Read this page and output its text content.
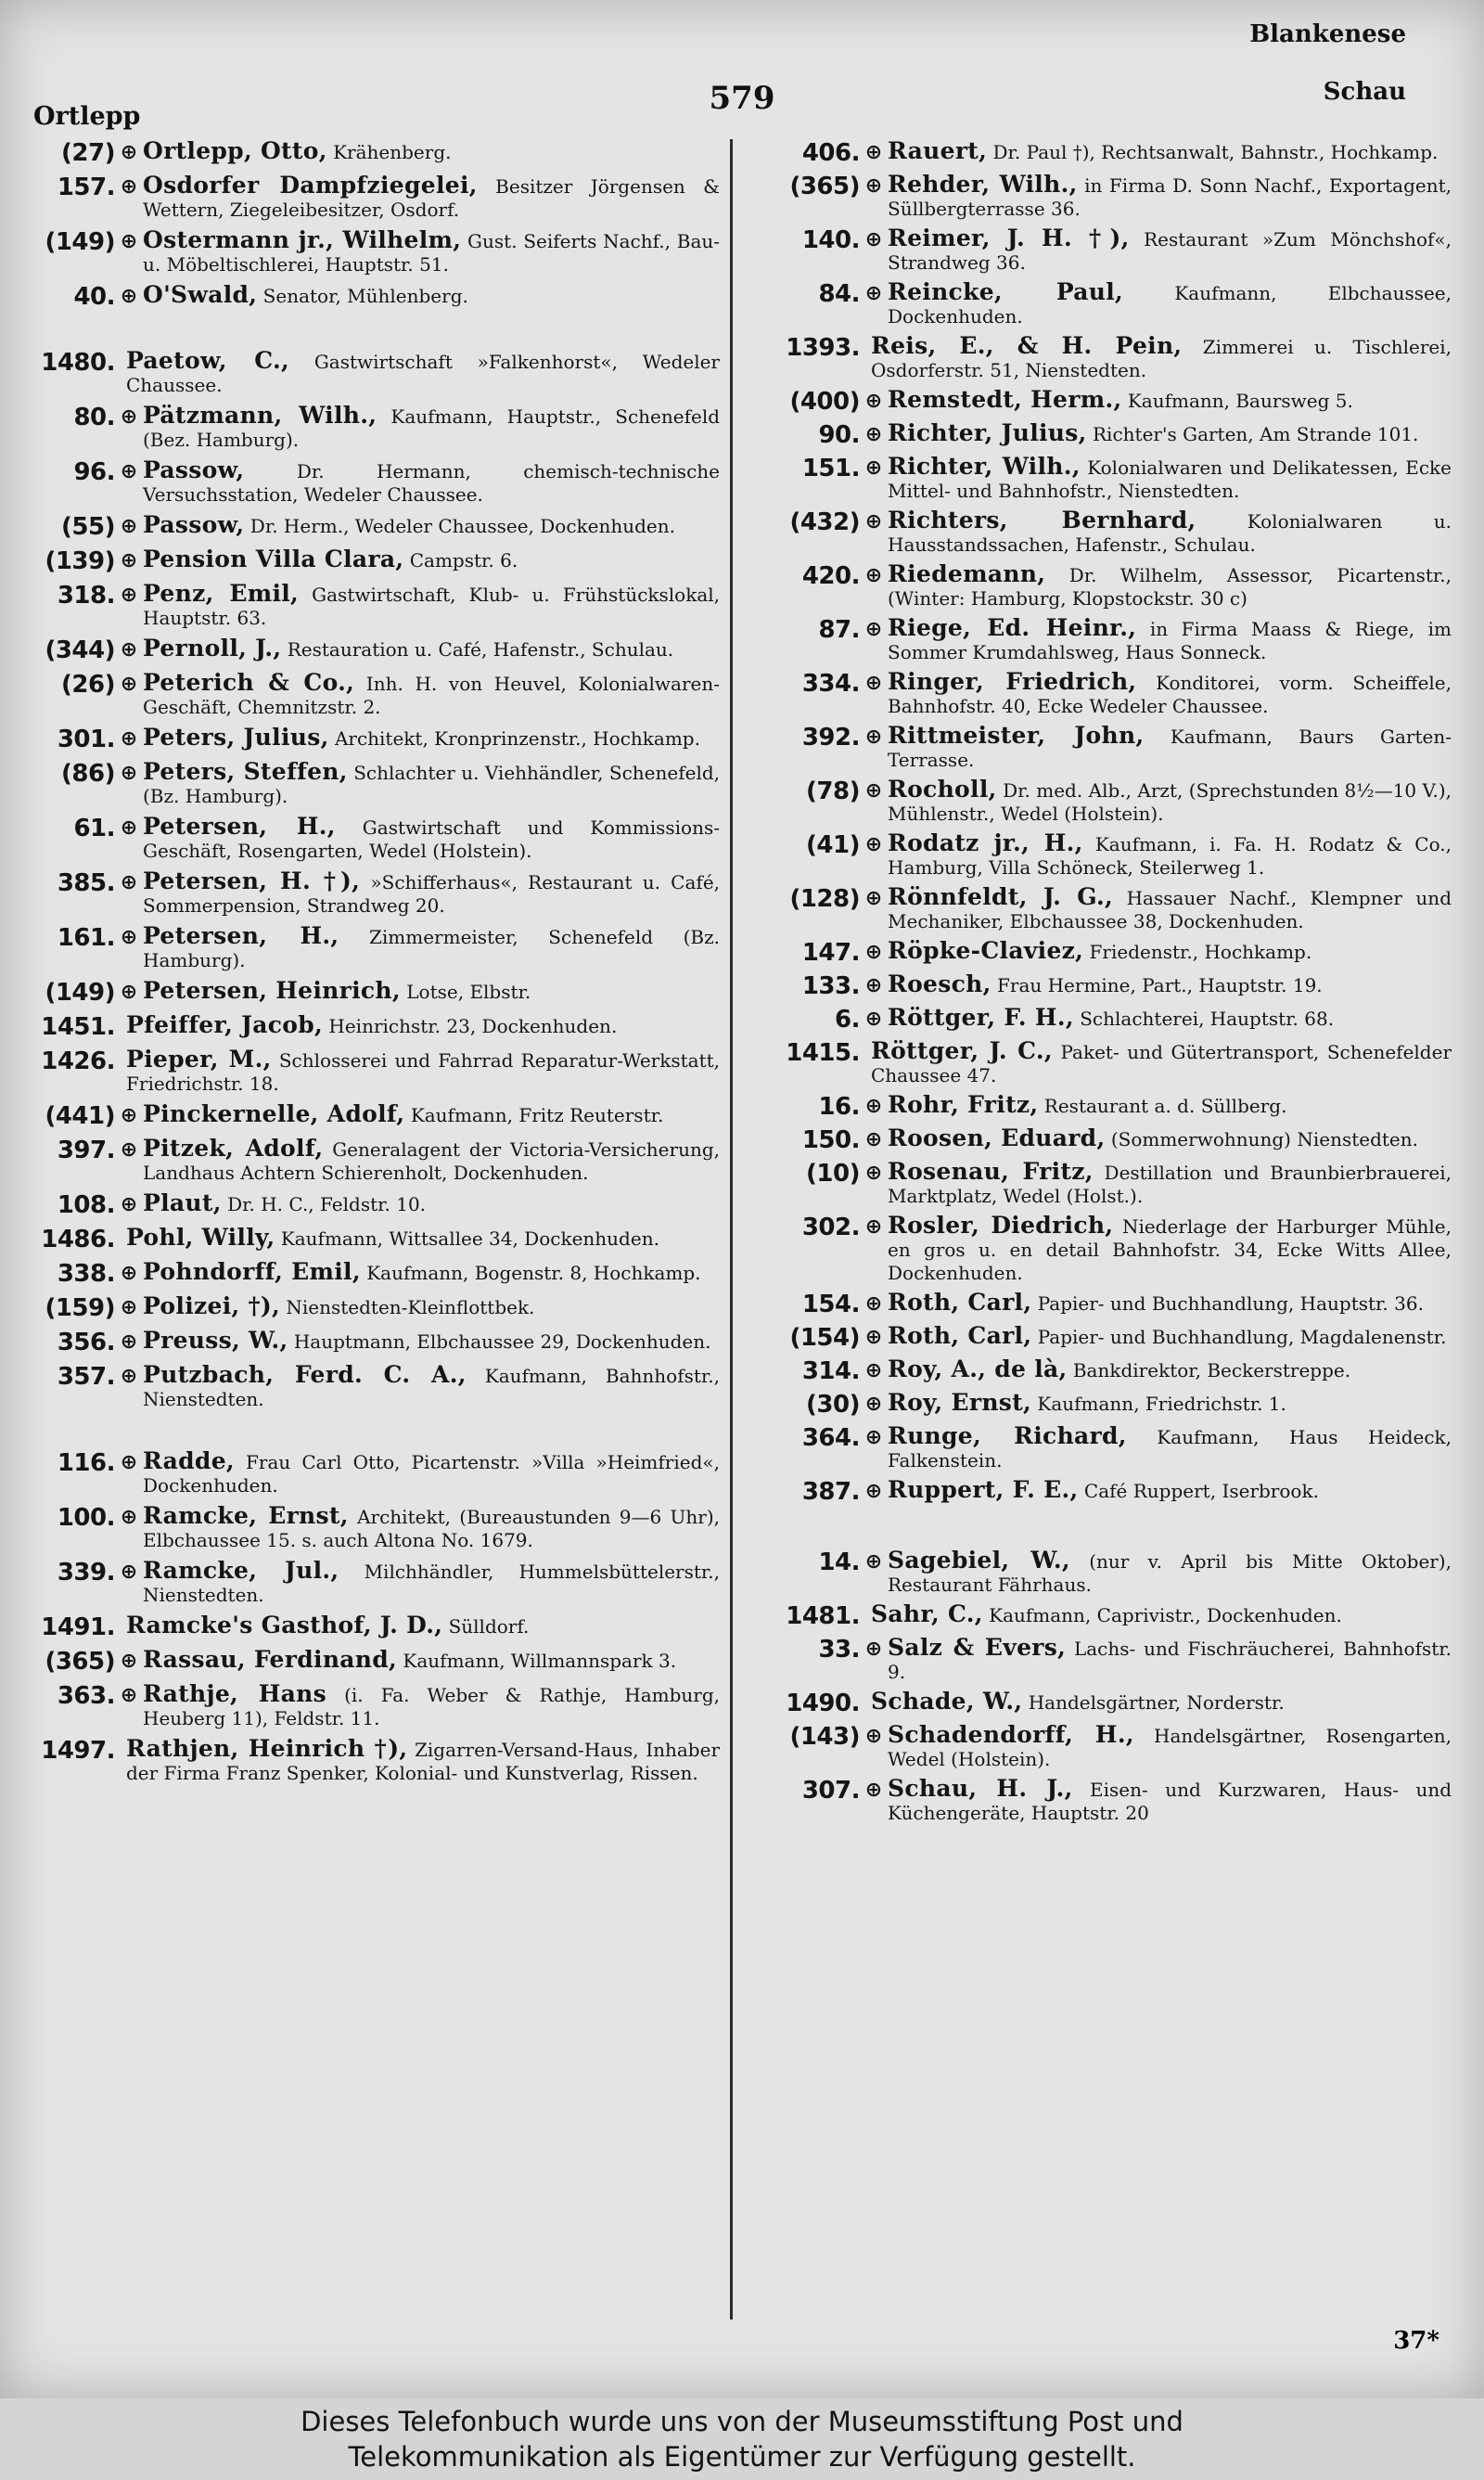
Ortlepp	579
Blankenese
Schau
(27) ⊕ Ortlepp, Otto, Krähenberg.
157. ⊕ Osdorfer Dampfziegelei, Besitzer Jörgensen & Wettern, Ziegeleibesitzer, Osdorf.
(149) ⊕ Ostermann jr., Wilhelm, Gust. Seiferts Nachf., Bau- u. Möbeltischlerei, Hauptstr. 51.
40. ⊕ O'Swald, Senator, Mühlenberg.
1480. Paetow, C., Gastwirtschaft »Falkenhorst«, Wedeler Chaussee.
80. ⊕ Pätzmann, Wilh., Kaufmann, Hauptstr., Schenefeld (Bez. Hamburg).
96. ⊕ Passow,	Dr. Hermann, chemisch-technische Versuchsstation, Wedeler Chaussee.
(55) ⊕ Passow, Dr. Herm., Wedeler Chaussee, Dockenhuden.
(139) ⊕ Pension Villa Clara, Campstr. 6.
318. ⊕ Penz, Emil, Gastwirtschaft, Klub- u. Frühstückslokal, Hauptstr. 63.
(344) ⊕ Pernoll, J., Restauration u. Café, Hafenstr., Schulau.
(26) ⊕ Peterich & Co., Inh. H. von Heuvel, Kolonialwaren-Geschäft, Chemnitzstr. 2.
301. ⊕ Peters, Julius, Architekt, Kronprinzenstr., Hochkamp.
(86) ⊕ Peters, Steffen, Schlachter u. Viehhändler, Schenefeld, (Bz. Hamburg).
61. ⊕ Petersen, H., Gastwirtschaft und Kommissions-Geschäft, Rosengarten, Wedel (Holstein).
385. ⊕ Petersen, H. †), »Schifferhaus«, Restaurant u. Café, Sommerpension, Strandweg 20.
161. ⊕ Petersen, H., Zimmermeister, Schenefeld (Bz. Hamburg).
(149) ⊕ Petersen, Heinrich, Lotse, Elbstr.
1451. Pfeiffer, Jacob, Heinrichstr. 23, Dockenhuden.
1426. Pieper, M., Schlosserei und Fahrrad Reparatur-Werkstatt, Friedrichstr. 18.
(441) ⊕ Pinckernelle, Adolf, Kaufmann, Fritz Reuterstr.
397. ⊕ Pitzek, Adolf, Generalagent der Victoria-Versicherung, Landhaus Achtern Schierenholt, Dockenhuden.
108. ⊕ Plaut, Dr. H. C., Feldstr. 10.
1486. Pohl, Willy, Kaufmann, Wittsallee 34, Dockenhuden.
338. ⊕ Pohndorff, Emil, Kaufmann, Bogenstr. 8, Hochkamp.
(159) ⊕ Polizei, †), Nienstedten-Kleinflottbek.
356. ⊕ Preuss, W., Hauptmann, Elbchaussee 29, Dockenhuden.
357. ⊕ Putzbach, Ferd. C. A., Kaufmann, Bahnhofstr., Nienstedten.
116. ⊕ Radde, Frau Carl Otto, Picartenstr. »Villa »Heimfried«, Dockenhuden.
100. ⊕ Ramcke, Ernst, Architekt, (Bureaustunden 9—6 Uhr), Elbchaussee 15. s. auch Altona No. 1679.
339. ⊕ Ramcke, Jul., Milchhändler, Hummelsbüttelerstr., Nienstedten.
1491. Ramcke's Gasthof, J. D., Sülldorf.
(365) ⊕ Rassau, Ferdinand, Kaufmann, Willmannspark 3.
363. ⊕ Rathje, Hans (i. Fa. Weber & Rathje, Hamburg, Heuberg 11), Feldstr. 11.
1497. Rathjen, Heinrich †), Zigarren-Versand-Haus, Inhaber der Firma Franz Spenker, Kolonial- und Kunstverlag, Rissen.
406. ⊕ Rauert, Dr. Paul †), Rechtsanwalt, Bahnstr., Hochkamp.
(365) ⊕ Rehder, Wilh., in Firma D. Sonn Nachf., Exportagent, Süllbergterrasse 36.
140. ⊕ Reimer, J. H. †), Restaurant »Zum Mönchshof«, Strandweg 36.
84. ⊕ Reincke, Paul,	Kaufmann, Elbchaussee, Dockenhuden.
1393. Reis, E., & H. Pein, Zimmerei u. Tischlerei, Osdorferstr. 51, Nienstedten.
(400) ⊕ Remstedt, Herm., Kaufmann, Baursweg 5.
90. ⊕ Richter, Julius, Richter's Garten, Am Strande 101.
151. ⊕ Richter, Wilh., Kolonialwaren und Delikatessen, Ecke Mittel- und Bahnhofstr., Nienstedten.
(432) ⊕ Richters, Bernhard,	Kolonialwaren u. Hausstandssachen, Hafenstr., Schulau.
420. ⊕ Riedemann, Dr. Wilhelm, Assessor, Picartenstr., (Winter: Hamburg, Klopstockstr. 30 c)
87. ⊕ Riege, Ed. Heinr., in Firma Maass & Riege, im Sommer Krumdahlsweg, Haus Sonneck.
334. ⊕ Ringer, Friedrich, Konditorei, vorm. Scheiffele, Bahnhofstr. 40, Ecke Wedeler Chaussee.
392. ⊕ Rittmeister, John, Kaufmann, Baurs Garten-Terrasse.
(78) ⊕ Rocholl, Dr. med. Alb., Arzt, (Sprechstunden 8½—10 V.), Mühlenstr., Wedel (Holstein).
(41) ⊕ Rodatz jr., H., Kaufmann, i. Fa. H. Rodatz & Co., Hamburg, Villa Schöneck, Steilerweg 1.
(128) ⊕ Rönnfeldt, J. G., Hassauer Nachf., Klempner und Mechaniker, Elbchaussee 38, Dockenhuden.
147. ⊕ Röpke-Claviez, Friedenstr., Hochkamp.
133. ⊕ Roesch, Frau Hermine, Part., Hauptstr. 19.
6. ⊕ Röttger, F. H., Schlachterei, Hauptstr. 68.
1415. Röttger, J. C., Paket- und Gütertransport, Schenefelder Chaussee 47.
16. ⊕ Rohr, Fritz, Restaurant a. d. Süllberg.
150. ⊕ Roosen, Eduard, (Sommerwohnung) Nienstedten.
(10) ⊕ Rosenau, Fritz, Destillation und Braunbierbrauerei, Marktplatz, Wedel (Holst.).
302. ⊕ Rosler, Diedrich, Niederlage der Harburger Mühle, en gros u. en detail Bahnhofstr. 34, Ecke Witts Allee, Dockenhuden.
154. ⊕ Roth, Carl, Papier- und Buchhandlung, Hauptstr. 36.
(154) ⊕ Roth, Carl, Papier- und Buchhandlung, Magdalenenstr.
314. ⊕ Roy, A., de là, Bankdirektor, Beckerstreppe.
(30) ⊕ Roy, Ernst, Kaufmann, Friedrichstr. 1.
364. ⊕ Runge, Richard, Kaufmann, Haus Heideck, Falkenstein.
387. ⊕ Ruppert, F. E., Café Ruppert, Iserbrook.
14. ⊕ Sagebiel, W., (nur v. April bis Mitte Oktober), Restaurant Fährhaus.
1481. Sahr, C., Kaufmann, Caprivistr., Dockenhuden.
33. ⊕ Salz & Evers, Lachs- und Fischräucherei, Bahnhofstr. 9.
1490. Schade, W., Handelsgärtner, Norderstr.
(143) ⊕ Schadendorff, H., Handelsgärtner, Rosengarten, Wedel (Holstein).
307. ⊕ Schau, H. J., Eisen- und Kurzwaren, Haus- und Küchengeräte, Hauptstr. 20
37*
Dieses Telefonbuch wurde uns von der Museumsstiftung Post und
Telekommunikation als Eigentümer zur Verfügung gestellt.
